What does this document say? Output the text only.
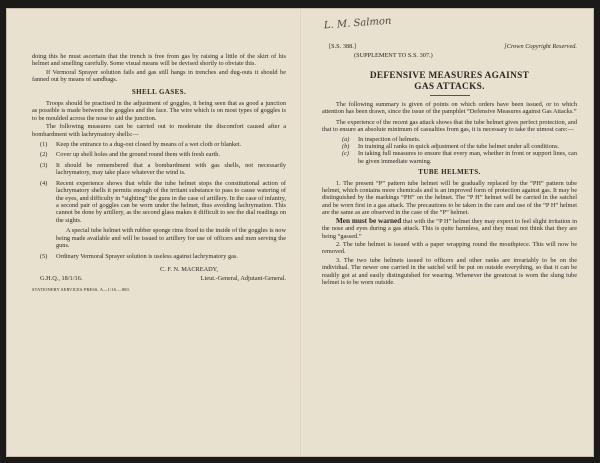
doing this he must ascertain that the trench is free from gas by raising a little of the skirt of his helmet and smelling carefully. Some visual means will be devised shortly to obviate this.

If Vermoral Sprayer solution fails and gas still hangs in trenches and dug-outs it should be fanned out by means of sandbags.

SHELL GASES.

Troops should be practised in the adjustment of goggles, it being seen that as good a junction as possible is made between the goggles and the face. The wire which is on most types of goggles is to be moulded across the nose to aid the junction.

The following measures can be carried out to moderate the discomfort caused after a bombardment with lachrymatory shells:—

(1)	Keep the entrance to a dug-out closed by means of a wet cloth or blanket.
(2)	Cover up shell holes and the ground round them with fresh earth.
(3)	It should be remembered that a bombardment with gas shells, not necessarily lachrymatory, may take place whatever the wind is.
(4)	Recent experience shows that while the tube helmet stops the constitutional action of lachrymatory shells it permits enough of the irritant substance to pass to cause watering of the eyes, and difficulty in “sighting” the guns in the case of artillery. In the case of infantry, a second pair of goggles can be worn under the helmet, thus avoiding lachrymation. This cannot be done by artillery, as the second glass makes it difficult to see the dial readings on the sights.

A special tube helmet with rubber sponge rims fixed to the inside of the goggles is now being made available and will be issued to artillery for use of officers and men serving the guns.

(5)	Ordinary Vermoral Sprayer solution is useless against lachrymatory gas.
C. F. N. MACREADY,
G.H.Q., 18/1/16.	Lieut.-General, Adjutant-General.
STATIONERY SERVICES PRESS, A—1/16.—800.
L. M. Salmon
[S.S. 388.]	[Crown Copyright Reserved.
(SUPPLEMENT TO S.S. 307.)
DEFENSIVE MEASURES AGAINST
GAS ATTACKS.

The following summary is given of points on which orders have been issued, or to which attention has been drawn, since the issue of the pamphlet “Defensive Measures against Gas Attacks.”

The experience of the recent gas attack shows that the tube helmet gives perfect protection, and that to ensure an absolute minimum of casualties from gas, it is necessary to take the utmost care:—

(a)	In inspection of helmets.
(b)	In training all ranks in quick adjustment of the tube helmet under all conditions.
(c)	In taking full measures to ensure that every man, whether in front or support lines, can be given immediate warning.
TUBE HELMETS.

1. The present “P” pattern tube helmet will be gradually replaced by the “PH” pattern tube helmet, which contains more chemicals and is an improved form of protection against gas. It may be distinguished by the markings “PH” on the helmet. The “P H” helmet will be carried in the satchel and be worn first in a gas attack. The precautions to be taken in the care and use of the “P H” helmet are the same as are observed in the case of the “P” helmet.

Men must be warned that with the “P H” helmet they may expect to feel slight irritation in the nose and eyes during a gas attack. This is quite harmless, and they must not think that they are being “gassed.”

2. The tube helmet is issued with a paper wrapping round the mouthpiece. This will now be removed.

3. The two tube helmets issued to officers and other ranks are invariably to be on the individual. The newer one carried in the satchel will be put on outside everything, so that it can be readily got at and easily distinguished for wearing. Whenever the greatcoat is worn the slung tube helmet is to be worn outside.
